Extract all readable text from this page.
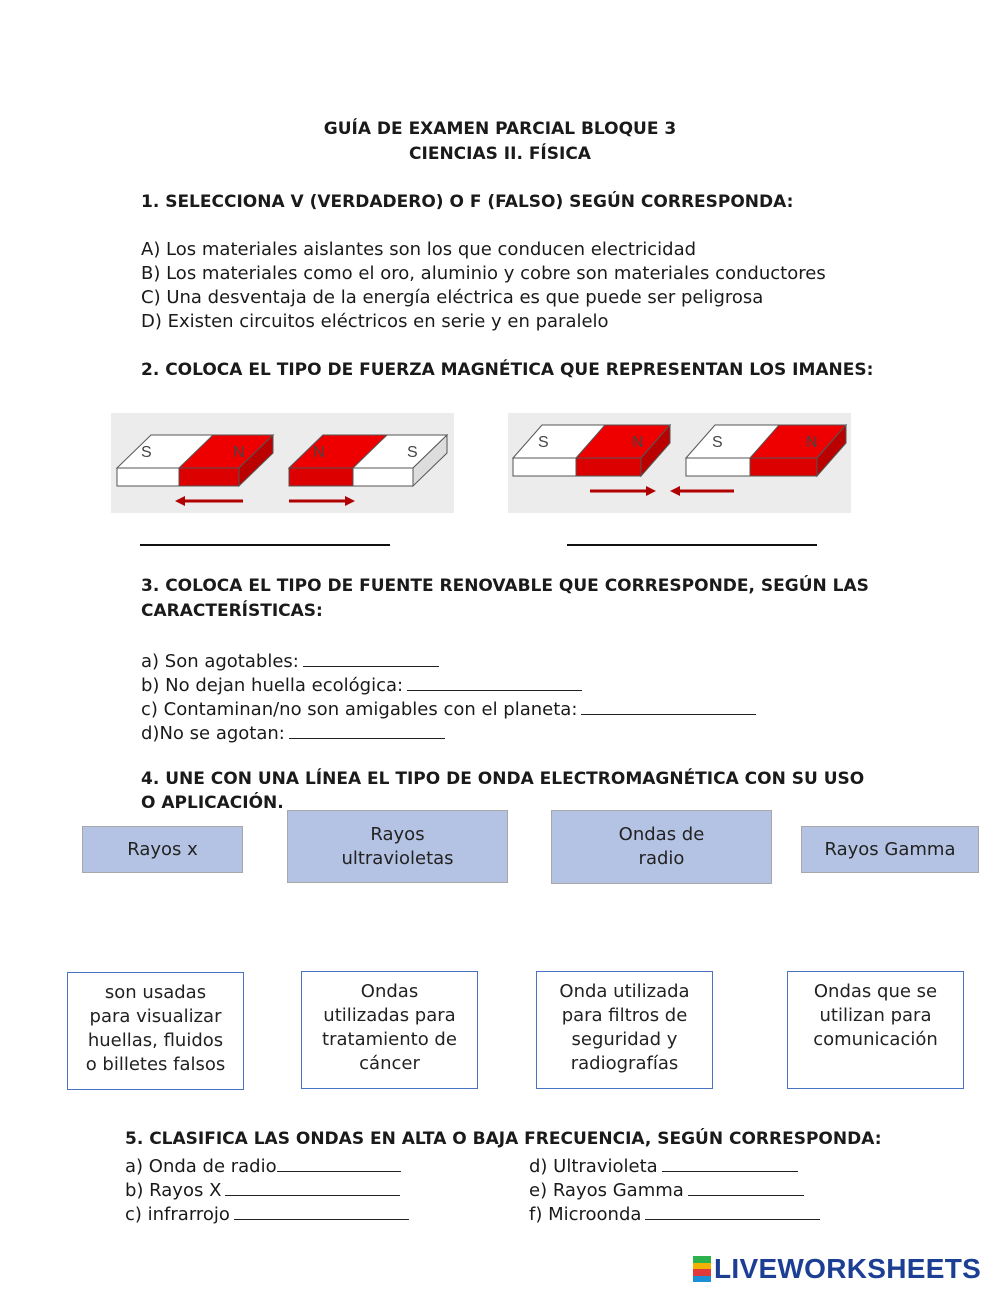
GUÍA DE EXAMEN PARCIAL BLOQUE 3
CIENCIAS II. FÍSICA
1. SELECCIONA V (VERDADERO) O F (FALSO) SEGÚN CORRESPONDA:
A) Los materiales aislantes son los que conducen electricidad
B) Los materiales como el oro, aluminio y cobre son materiales conductores
C) Una desventaja de la energía eléctrica es que puede ser peligrosa
D) Existen circuitos eléctricos en serie y en paralelo
2. COLOCA EL TIPO DE FUERZA MAGNÉTICA QUE REPRESENTAN LOS IMANES:
S	N	N	S
S	N	S	N
3. COLOCA EL TIPO DE FUENTE RENOVABLE QUE CORRESPONDE, SEGÚN LAS
CARACTERÍSTICAS:
a) Son agotables:
b) No dejan huella ecológica:
c) Contaminan/no son amigables con el planeta:
d)No se agotan:
4. UNE CON UNA LÍNEA EL TIPO DE ONDA ELECTROMAGNÉTICA CON SU USO
O APLICACIÓN.
Rayos x
Rayos
ultravioletas
Ondas de
radio	Rayos Gamma
son usadas
para visualizar
huellas, fluidos
o billetes falsos
Ondas
utilizadas para
tratamiento de
cáncer
Onda utilizada
para filtros de
seguridad y
radiografías
Ondas que se
utilizan para
comunicación
5. CLASIFICA LAS ONDAS EN ALTA O BAJA FRECUENCIA, SEGÚN CORRESPONDA:
a) Onda de radio
b) Rayos X
c) infrarrojo
d) Ultravioleta
e) Rayos Gamma
f) Microonda
LIVEWORKSHEETS
